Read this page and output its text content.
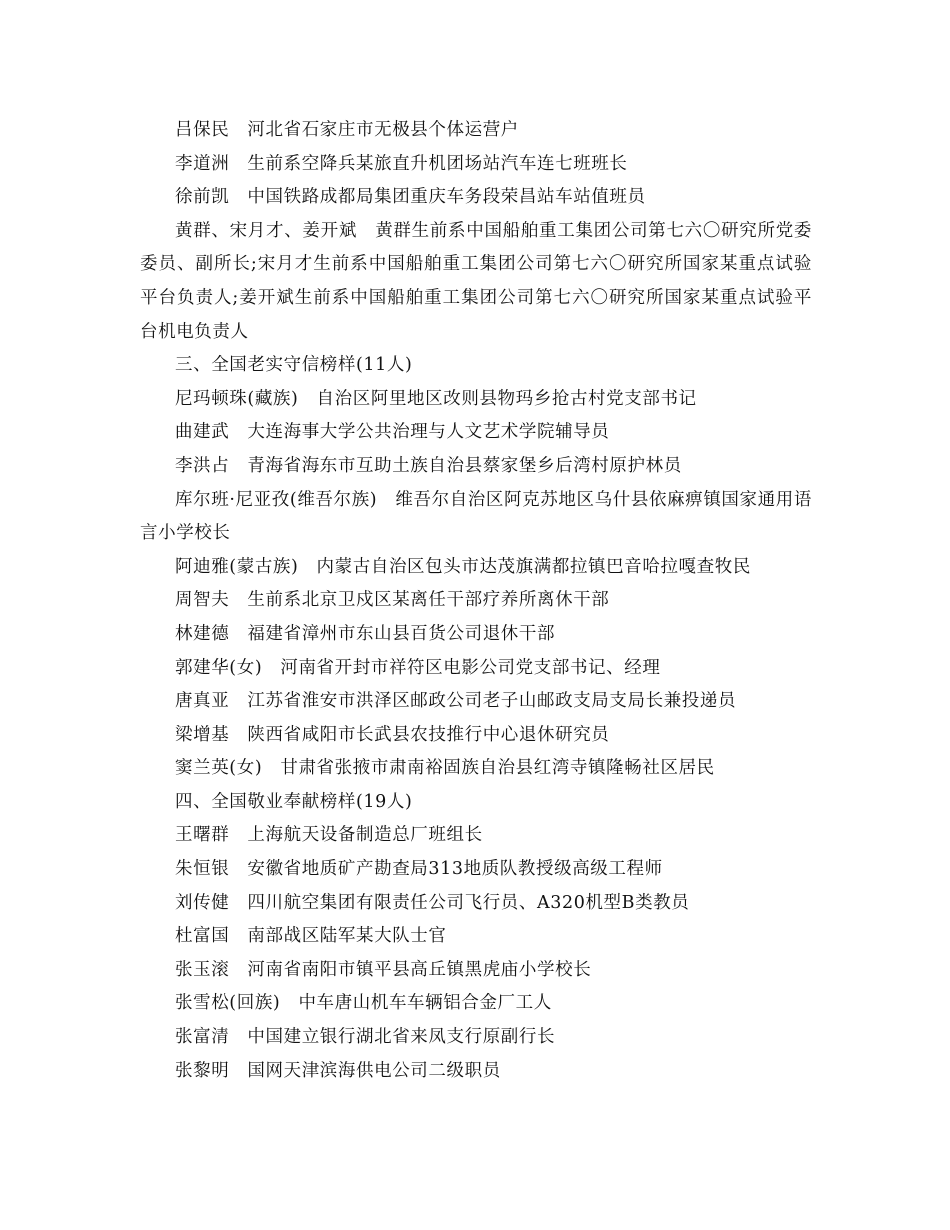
吕保民　河北省石家庄市无极县个体运营户

李道洲　生前系空降兵某旅直升机团场站汽车连七班班长

徐前凯　中国铁路成都局集团重庆车务段荣昌站车站值班员

黄群、宋月才、姜开斌　黄群生前系中国船舶重工集团公司第七六〇研究所党委委员、副所长;宋月才生前系中国船舶重工集团公司第七六〇研究所国家某重点试验平台负责人;姜开斌生前系中国船舶重工集团公司第七六〇研究所国家某重点试验平台机电负责人

三、全国老实守信榜样(11人)

尼玛顿珠(藏族)　自治区阿里地区改则县物玛乡抢古村党支部书记

曲建武　大连海事大学公共治理与人文艺术学院辅导员

李洪占　青海省海东市互助土族自治县蔡家堡乡后湾村原护林员

库尔班·尼亚孜(维吾尔族)　维吾尔自治区阿克苏地区乌什县依麻痹镇国家通用语言小学校长

阿迪雅(蒙古族)　内蒙古自治区包头市达茂旗满都拉镇巴音哈拉嘎查牧民

周智夫　生前系北京卫戍区某离任干部疗养所离休干部

林建德　福建省漳州市东山县百货公司退休干部

郭建华(女)　河南省开封市祥符区电影公司党支部书记、经理

唐真亚　江苏省淮安市洪泽区邮政公司老子山邮政支局支局长兼投递员

梁增基　陕西省咸阳市长武县农技推行中心退休研究员

窦兰英(女)　甘肃省张掖市肃南裕固族自治县红湾寺镇隆畅社区居民

四、全国敬业奉献榜样(19人)

王曙群　上海航天设备制造总厂班组长

朱恒银　安徽省地质矿产勘查局313地质队教授级高级工程师

刘传健　四川航空集团有限责任公司飞行员、A320机型B类教员

杜富国　南部战区陆军某大队士官

张玉滚　河南省南阳市镇平县高丘镇黑虎庙小学校长

张雪松(回族)　中车唐山机车车辆铝合金厂工人

张富清　中国建立银行湖北省来凤支行原副行长

张黎明　国网天津滨海供电公司二级职员
